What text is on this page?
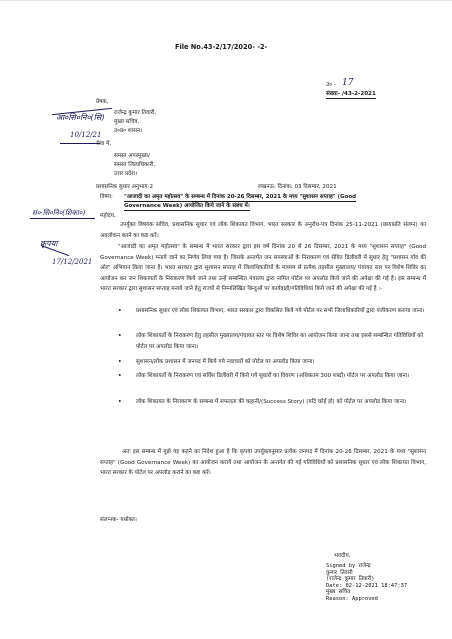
File No.43-2/17/2020- -2-
उ० - 17
संख्या- /43-2-2021
आ०सि०नि०(सि)
10/12/21
प्रेषक,
राजेन्द्र कुमार तिवारी,
मुख्य सचिव,
उ०प्र० शासन।
सेवा में,
समस्त अपरमुख्य/
समस्त जिलाधिकारी,
उत्तर प्रदेश।
प्रशासनिक सुधार अनुभाग-2	लखनऊ: दिनांक: 03 दिसम्बर, 2021
विषय: "आजादी का अमृत महोत्सव" के सम्बन्ध में दिनांक 20-26 दिसम्बर, 2021 के मध्य "सुशासन सप्ताह" (Good
Governance Week) आयोजित किये जाने के संबंध में।
सं०-सि०नि०(शिका०)	महोदय,
उपर्युक्त विषयक सचिव, प्रशासनिक सुधार एवं लोक शिकायत विभाग, भारत सरकार के अनुरोध-पत्र दिनांक 25-11-2021 (छायाप्रति संलग्न) का अवलोकन करने का कष्ट करें।
कृपया
17/12/2021
"आजादी का अमृत महोत्सव" के सम्बन्ध में भारत सरकार द्वारा इस वर्ष दिनांक 20 से 26 दिसम्बर, 2021 के मध्य "सुशासन सप्ताह" (Good Governance Week) मनाये जाने का निर्णय लिया गया है। जिसके अन्तर्गत जन समस्याओं के निराकरण एवं सेवित डिलीवरी में सुधार हेतु "प्रशासन गाँव की ओर" अभियान किया जाना है। भारत सरकार द्वारा सुशासन सप्ताह में जिलाधिकारियों के माध्यम से प्रत्येक तहसील मुख्यालय/ पंचायत स्तर पर विशेष शिविर का आयोजन कर जन शिकायतों के निराकरण किये जाने तथा उन्हें सम्बन्धित मंत्रालय द्वारा नामित पोर्टल पर अपलोड किये जाने की अपेक्षा की गई है। इस सम्बन्ध में भारत सरकार द्वारा सुशासन सप्ताह मनाये जाने हेतु राज्यों से निम्नलिखित बिन्दुओं पर कार्यवाही/गतिविधियां किये जाने की अपेक्षा की गई है :-
•	प्रशासनिक सुधार एवं लोक शिकायत विभाग, भारत सरकार द्वारा विकसित किये गये पोर्टल पर सभी जिलाधिकारियों द्वारा पंजीकरण कराया जाना।
•	लोक शिकायतों के निराकरण हेतु तहसील मुख्यालय/पंचायत स्तर पर विशेष शिविर का आयोजन किया जाना तथा इससे सम्बन्धित गतिविधियों को पोर्टल पर अपलोड किया जाना।
•	सुशासन/लोक प्रशासन में जनपद में किये गये नवाचारों को पोर्टल पर अपलोड किया जाना।
•	लोक शिकायतों के निराकरण एवं सर्विस डिलीवरी में किये गये सुधारों का विवरण (अधिकतम 300 शब्दों) पोर्टल पर अपलोड किया जाना।
•	लोक शिकायत के निराकरण के सम्बन्ध में सफलता की कहानी/(Success Story) (यदि कोई हो) को पोर्टल पर अपलोड किया जाना।
अतः इस सम्बन्ध में मुझे यह कहने का निदेश हुआ है कि कृपया उपर्युक्तानुसार प्रत्येक जनपद में दिनांक 20-26 दिसम्बर, 2021 के मध्य "सुशासन सप्ताह" (Good Governance Week) का आयोजन करायें तथा आयोजन के अन्तर्गत की गई गतिविधियों को प्रशासनिक सुधार एवं लोक शिकायत विभाग, भारत सरकार के पोर्टल पर अपलोड कराने का कष्ट करें।
संलग्नक- यथोक्त।
भवदीय,
Signed by राजेन्द्र
कुमार तिवारी
(राजेन्द्र कुमार तिवारी)
Date: 02-12-2021 18:47:37
मुख्य सचिव
Reason: Approved
